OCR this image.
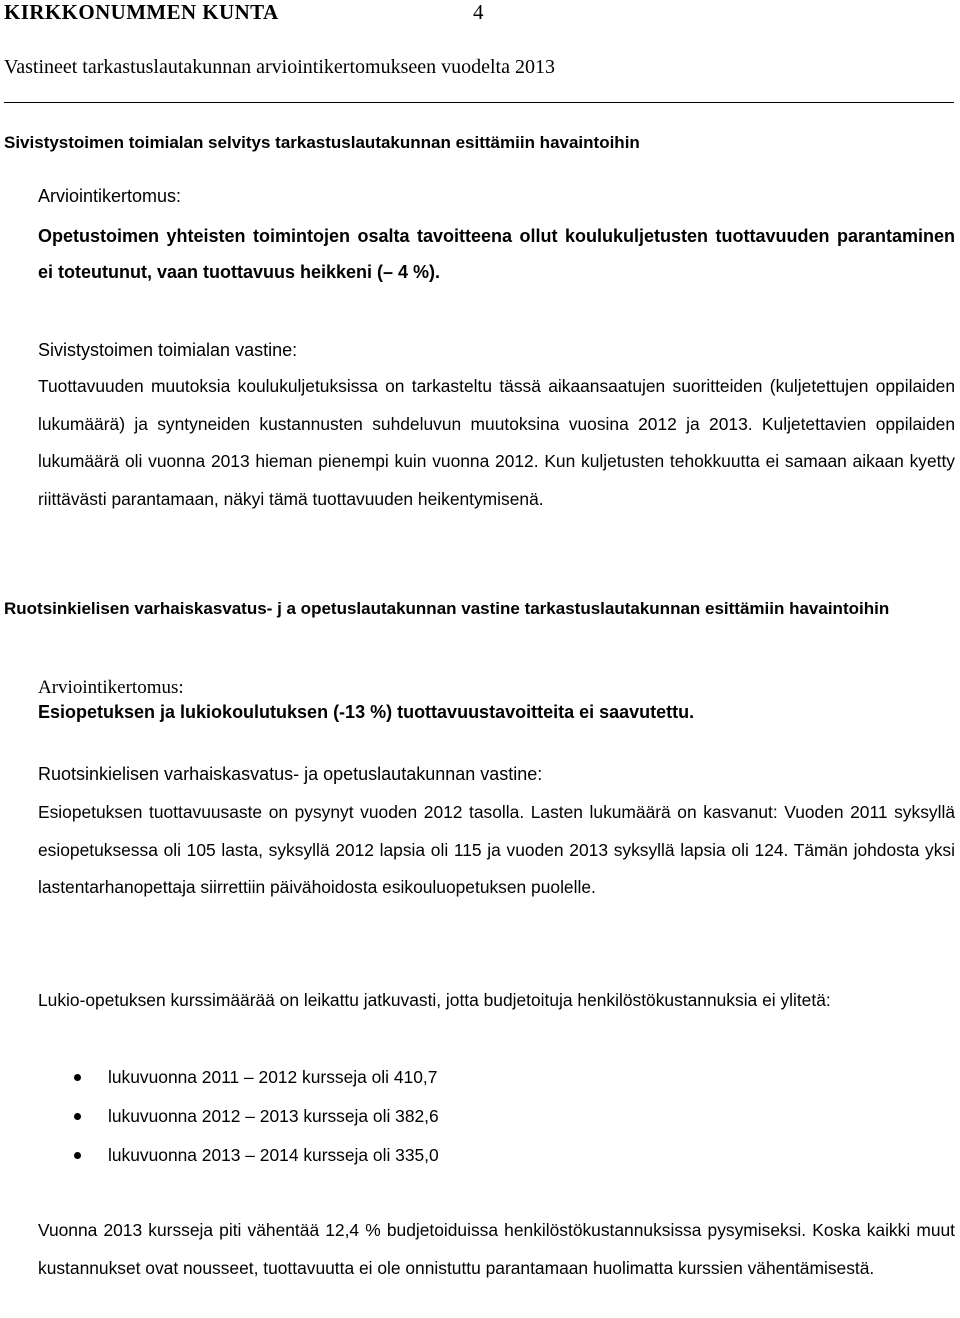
KIRKKONUMMEN KUNTA	4
Vastineet tarkastuslautakunnan arviointikertomukseen vuodelta 2013
Sivistystoimen toimialan selvitys tarkastuslautakunnan esittämiin havaintoihin
Arviointikertomus:
Opetustoimen yhteisten toimintojen osalta tavoitteena ollut koulukuljetusten tuottavuuden parantaminen ei toteutunut, vaan tuottavuus heikkeni (– 4 %).
Sivistystoimen toimialan vastine:
Tuottavuuden muutoksia koulukuljetuksissa on tarkasteltu tässä aikaansaatujen suoritteiden (kuljetettujen oppilaiden lukumäärä) ja syntyneiden kustannusten suhdeluvun muutoksina vuosina 2012 ja 2013. Kuljetettavien oppilaiden lukumäärä oli vuonna 2013 hieman pienempi kuin vuonna 2012. Kun kuljetusten tehokkuutta ei samaan aikaan kyetty riittävästi parantamaan, näkyi tämä tuottavuuden heikentymisenä.
Ruotsinkielisen varhaiskasvatus- j a opetuslautakunnan vastine tarkastuslautakunnan esittämiin havaintoihin
Arviointikertomus:
Esiopetuksen ja lukiokoulutuksen (-13 %) tuottavuustavoitteita ei saavutettu.
Ruotsinkielisen varhaiskasvatus- ja opetuslautakunnan vastine:
Esiopetuksen tuottavuusaste on pysynyt vuoden 2012 tasolla. Lasten lukumäärä on kasvanut: Vuoden 2011 syksyllä esiopetuksessa oli 105 lasta, syksyllä 2012 lapsia oli 115 ja vuoden 2013 syksyllä lapsia oli 124. Tämän johdosta yksi lastentarhanopettaja siirrettiin päivähoidosta esikouluopetuksen puolelle.
Lukio-opetuksen kurssimäärää on leikattu jatkuvasti, jotta budjetoituja henkilöstökustannuksia ei ylitetä:
lukuvuonna 2011 – 2012 kursseja oli 410,7
lukuvuonna 2012 – 2013 kursseja oli 382,6
lukuvuonna 2013 – 2014 kursseja oli 335,0
Vuonna 2013 kursseja piti vähentää 12,4 % budjetoiduissa henkilöstökustannuksissa pysymiseksi. Koska kaikki muut kustannukset ovat nousseet, tuottavuutta ei ole onnistuttu parantamaan huolimatta kurssien vähentämisestä.
